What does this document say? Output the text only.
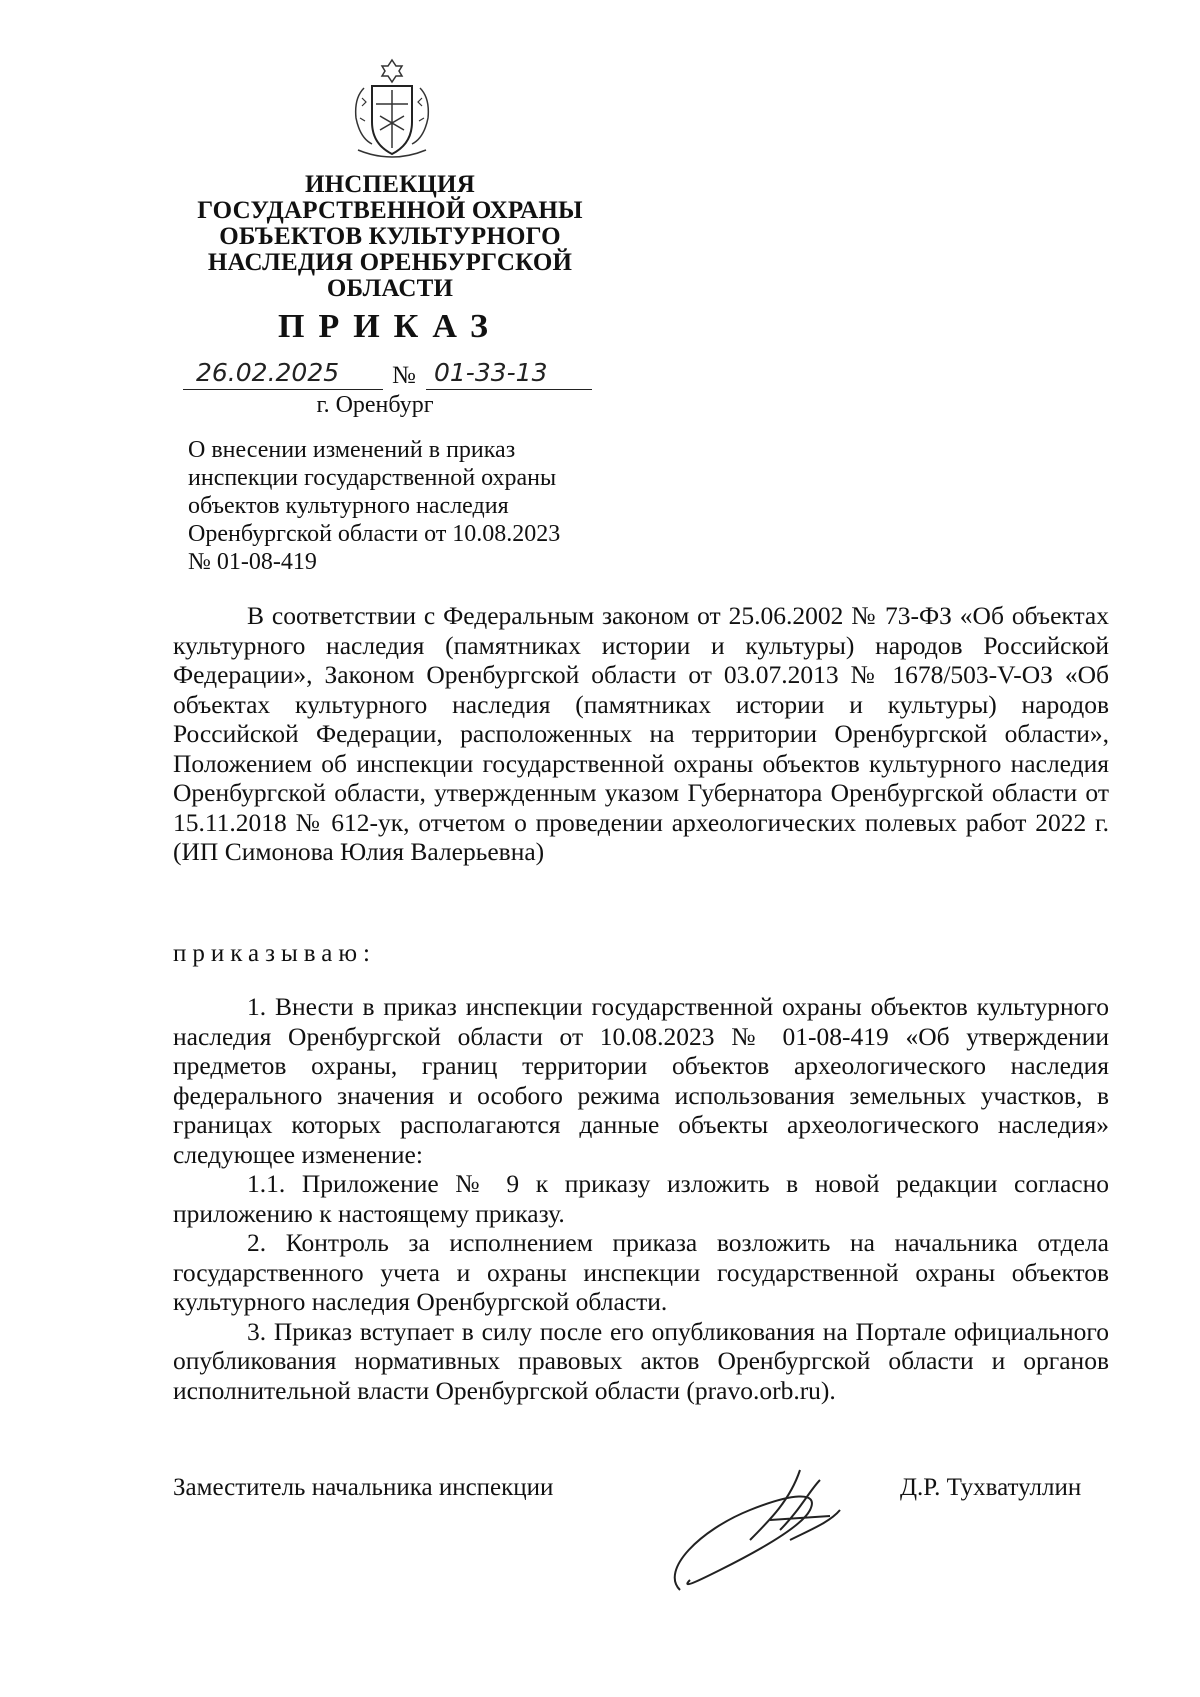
ИНСПЕКЦИЯ
ГОСУДАРСТВЕННОЙ ОХРАНЫ
ОБЪЕКТОВ КУЛЬТУРНОГО
НАСЛЕДИЯ ОРЕНБУРГСКОЙ
ОБЛАСТИ
ПРИКАЗ
26.02.2025 № 01-33-13
г. Оренбург
О внесении изменений в приказ
инспекции государственной охраны
объектов культурного наследия
Оренбургской области от 10.08.2023
№ 01-08-419

В соответствии с Федеральным законом от 25.06.2002 № 73-ФЗ «Об объектах культурного наследия (памятниках истории и культуры) народов Российской Федерации», Законом Оренбургской области от 03.07.2013 № 1678/503-V-ОЗ «Об объектах культурного наследия (памятниках истории и культуры) народов Российской Федерации, расположенных на территории Оренбургской области», Положением об инспекции государственной охраны объектов культурного наследия Оренбургской области, утвержденным указом Губернатора Оренбургской области от 15.11.2018 № 612-ук, отчетом о проведении археологических полевых работ 2022 г. (ИП Симонова Юлия Валерьевна)

приказываю:

1. Внести в приказ инспекции государственной охраны объектов культурного наследия Оренбургской области от 10.08.2023 № 01-08-419 «Об утверждении предметов охраны, границ территории объектов археологического наследия федерального значения и особого режима использования земельных участков, в границах которых располагаются данные объекты археологического наследия» следующее изменение:

1.1. Приложение № 9 к приказу изложить в новой редакции согласно приложению к настоящему приказу.

2. Контроль за исполнением приказа возложить на начальника отдела государственного учета и охраны инспекции государственной охраны объектов культурного наследия Оренбургской области.

3. Приказ вступает в силу после его опубликования на Портале официального опубликования нормативных правовых актов Оренбургской области и органов исполнительной власти Оренбургской области (pravo.orb.ru).

Заместитель начальника инспекции	Д.Р. Тухватуллин
